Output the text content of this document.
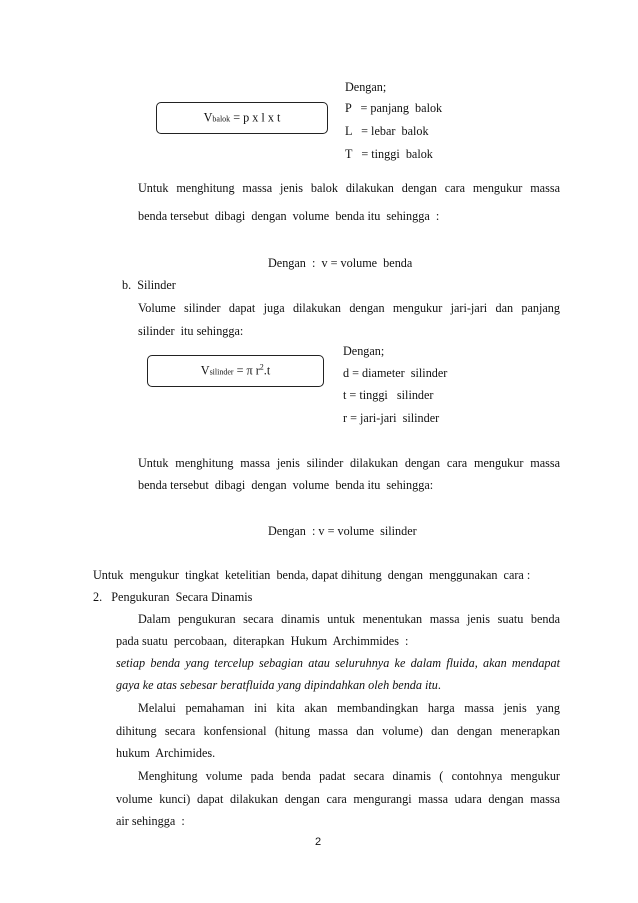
Dengan;
Vbalok = p x l x t
P   = panjang  balok
L   = lebar  balok
T   = tinggi  balok
Untuk menghitung massa jenis balok dilakukan dengan cara mengukur massa
benda tersebut  dibagi  dengan  volume  benda itu  sehingga  :
Dengan  :  v = volume  benda
b.  Silinder
Volume silinder dapat juga dilakukan dengan mengukur jari-jari dan panjang
silinder  itu sehingga:
Dengan;
Vsilinder = π $r^2.t$	d = diameter  silinder
t = tinggi   silinder
r = jari-jari  silinder
Untuk menghitung massa jenis silinder dilakukan dengan cara mengukur massa
benda tersebut  dibagi  dengan  volume  benda itu  sehingga:
Dengan  : v = volume  silinder
Untuk  mengukur  tingkat  ketelitian  benda, dapat dihitung  dengan  menggunakan  cara :
2.   Pengukuran  Secara Dinamis
Dalam pengukuran secara dinamis untuk menentukan massa jenis suatu benda
pada suatu  percobaan,  diterapkan  Hukum  Archimmides  :
setiap benda yang tercelup sebagian atau seluruhnya ke dalam fluida, akan mendapat
gaya ke atas sebesar beratfluida yang dipindahkan oleh benda itu.
Melalui pemahaman ini kita akan membandingkan harga massa jenis yang
dihitung secara konfensional (hitung massa dan volume) dan dengan menerapkan
hukum  Archimides.
Menghitung volume pada benda padat secara dinamis ( contohnya mengukur
volume kunci) dapat dilakukan dengan cara mengurangi massa udara dengan massa
air sehingga  :
2
